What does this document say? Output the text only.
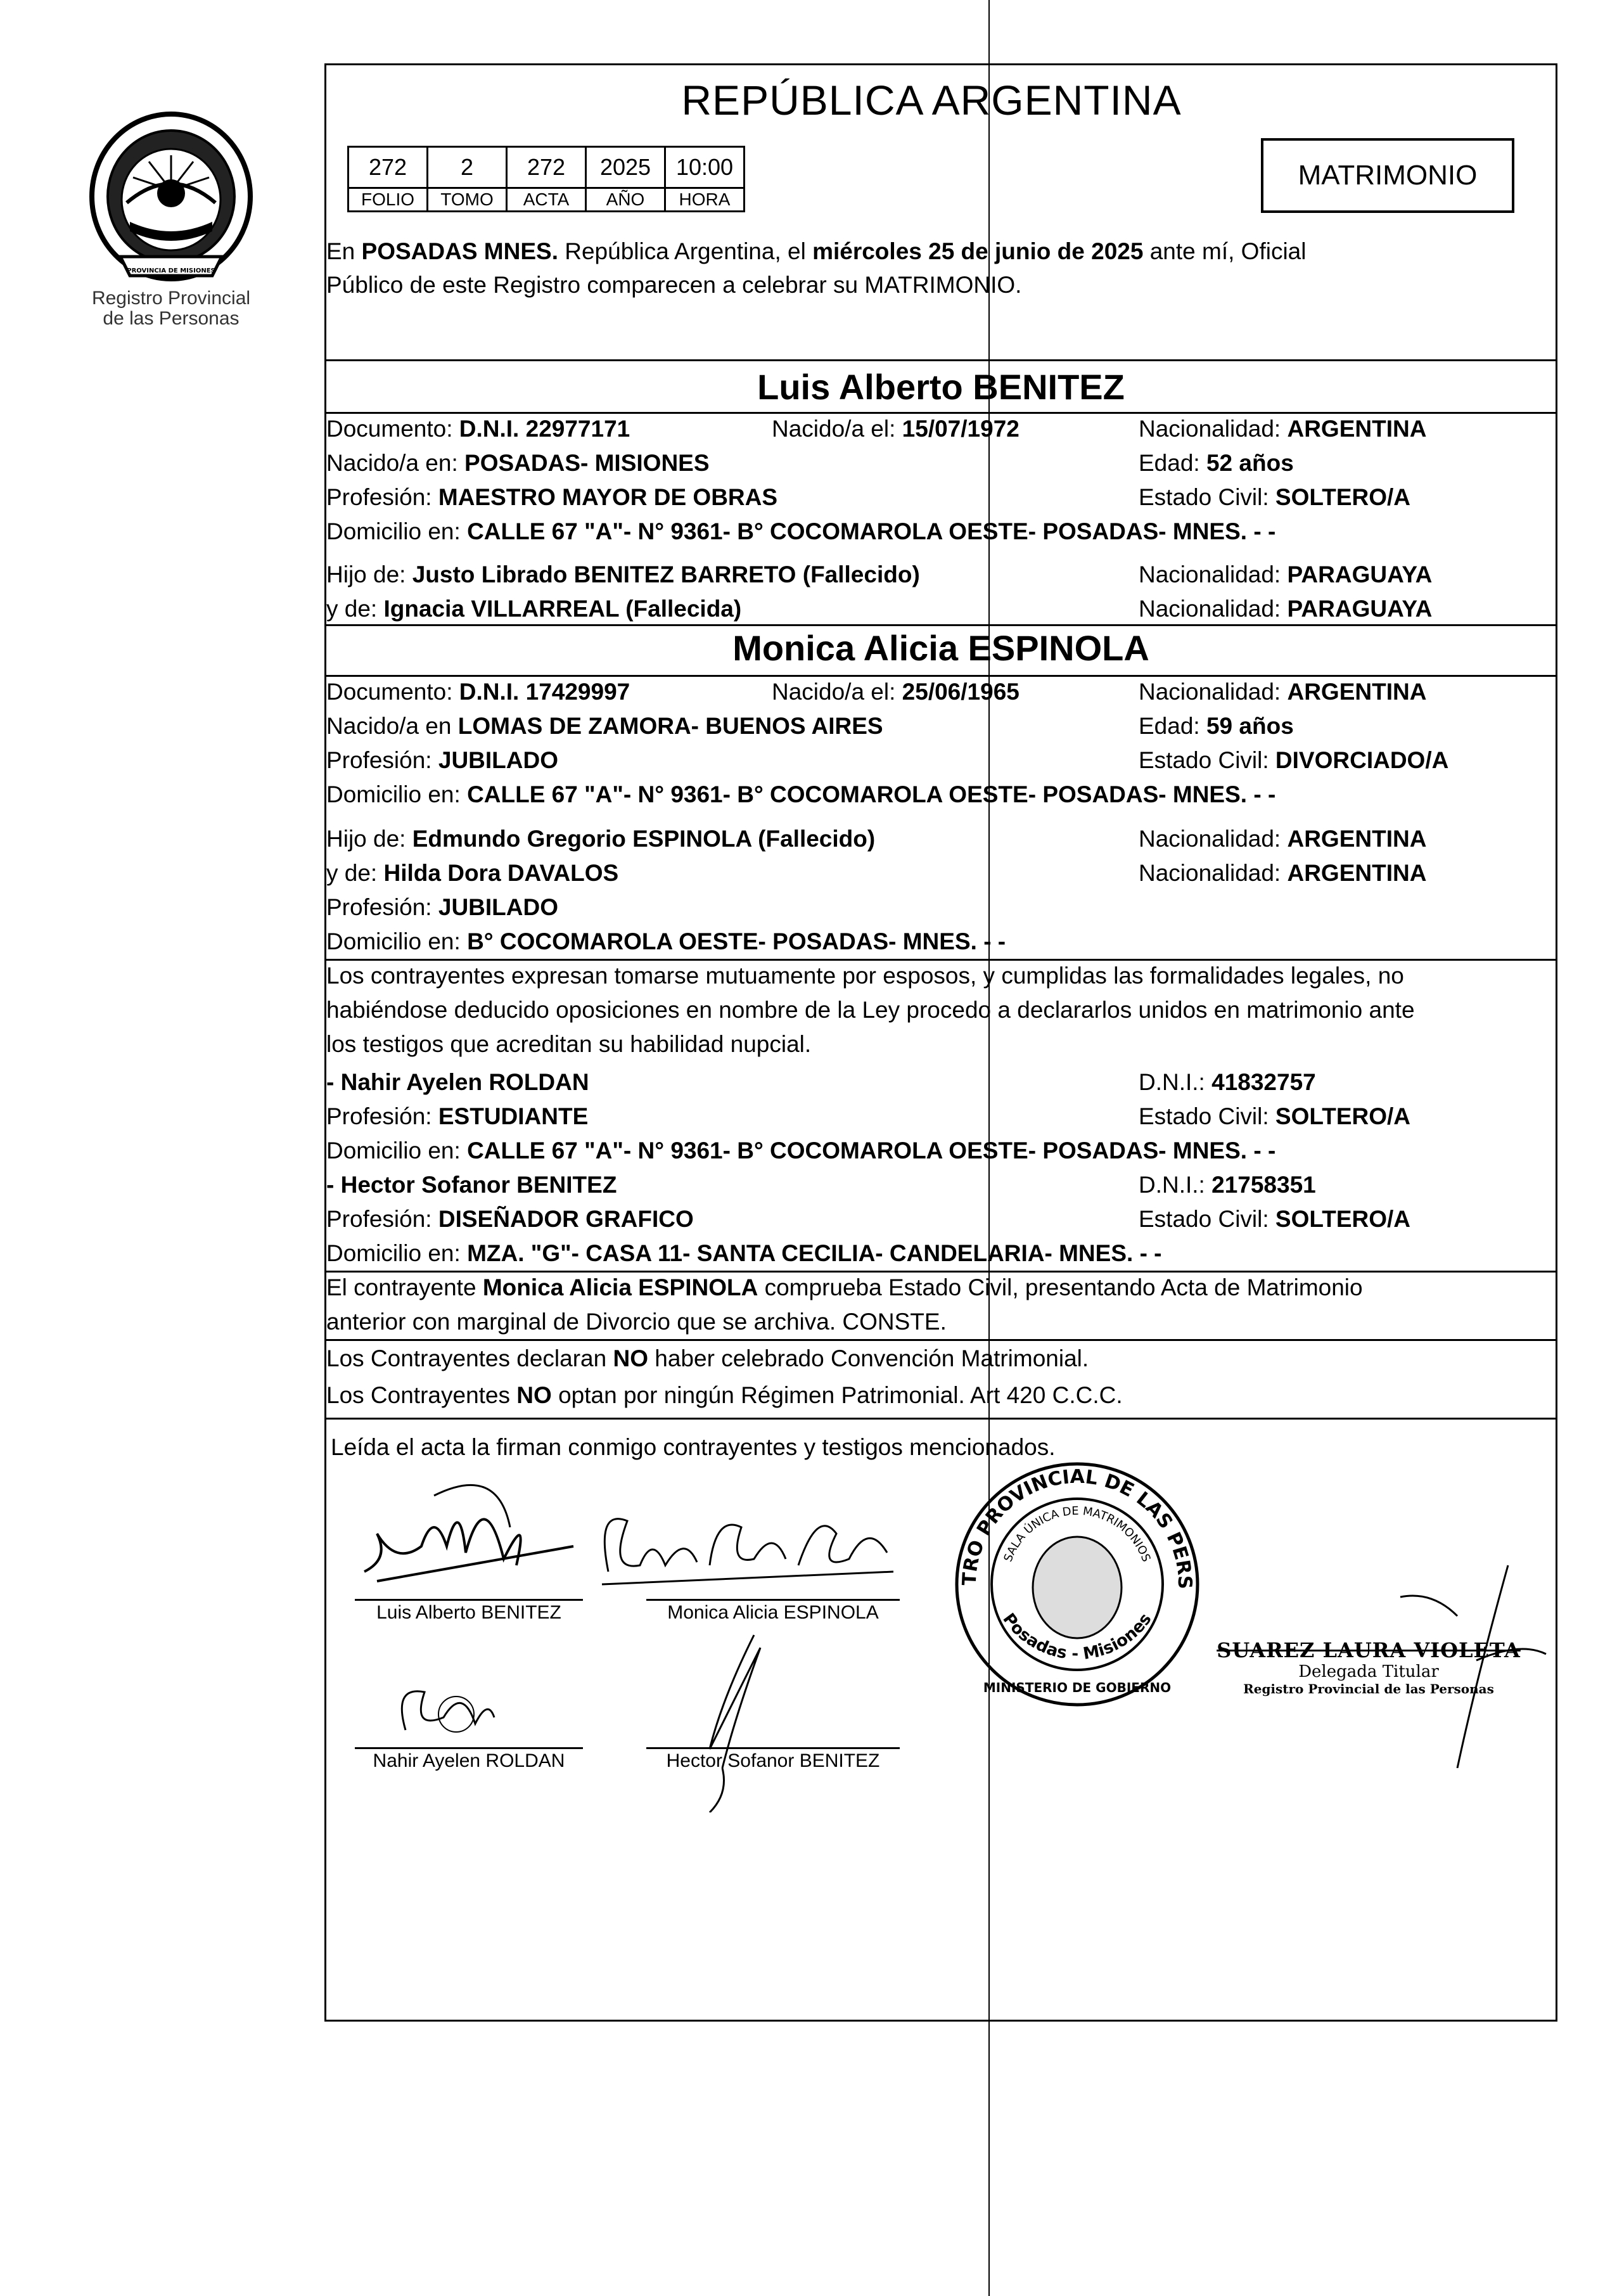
PROVINCIA DE MISIONES
Registro Provincial
de las Personas
REPÚBLICA ARGENTINA
272	2	272	2025	10:00
FOLIO	TOMO	ACTA	AÑO	HORA
MATRIMONIO
En POSADAS MNES. República Argentina, el miércoles 25 de junio de 2025 ante mí, Oficial
Público de este Registro comparecen a celebrar su MATRIMONIO.
Luis Alberto BENITEZ
Documento: D.N.I. 22977171	Nacido/a el: 15/07/1972	Nacionalidad: ARGENTINA
Nacido/a en: POSADAS- MISIONES	Edad: 52 años
Profesión: MAESTRO MAYOR DE OBRAS	Estado Civil: SOLTERO/A
Domicilio en: CALLE 67 "A"- N° 9361- B° COCOMAROLA OESTE- POSADAS- MNES. - -
Hijo de: Justo Librado BENITEZ BARRETO (Fallecido)	Nacionalidad: PARAGUAYA
y de: Ignacia VILLARREAL (Fallecida)	Nacionalidad: PARAGUAYA
Monica Alicia ESPINOLA
Documento: D.N.I. 17429997	Nacido/a el: 25/06/1965	Nacionalidad: ARGENTINA
Nacido/a en LOMAS DE ZAMORA- BUENOS AIRES	Edad: 59 años
Profesión: JUBILADO	Estado Civil: DIVORCIADO/A
Domicilio en: CALLE 67 "A"- N° 9361- B° COCOMAROLA OESTE- POSADAS- MNES. - -
Hijo de: Edmundo Gregorio ESPINOLA (Fallecido)	Nacionalidad: ARGENTINA
y de: Hilda Dora DAVALOS	Nacionalidad: ARGENTINA
Profesión: JUBILADO
Domicilio en: B° COCOMAROLA OESTE- POSADAS- MNES. - -
Los contrayentes expresan tomarse mutuamente por esposos, y cumplidas las formalidades legales, no
habiéndose deducido oposiciones en nombre de la Ley procedo a declararlos unidos en matrimonio ante
los testigos que acreditan su habilidad nupcial.
- Nahir Ayelen ROLDAN	D.N.I.: 41832757
Profesión: ESTUDIANTE	Estado Civil: SOLTERO/A
Domicilio en: CALLE 67 "A"- N° 9361- B° COCOMAROLA OESTE- POSADAS- MNES. - -
- Hector Sofanor BENITEZ	D.N.I.: 21758351
Profesión: DISEÑADOR GRAFICO	Estado Civil: SOLTERO/A
Domicilio en: MZA. "G"- CASA 11- SANTA CECILIA- CANDELARIA- MNES. - -
El contrayente Monica Alicia ESPINOLA comprueba Estado Civil, presentando Acta de Matrimonio
anterior con marginal de Divorcio que se archiva. CONSTE.
Los Contrayentes declaran NO haber celebrado Convención Matrimonial.
Los Contrayentes NO optan por ningún Régimen Patrimonial. Art 420 C.C.C.
Leída el acta la firman conmigo contrayentes y testigos mencionados.
Luis Alberto BENITEZ	Monica Alicia ESPINOLA
Nahir Ayelen ROLDAN	Hector Sofanor BENITEZ
TRO PROVINCIAL DE LAS PERS
SALA ÚNICA DE MATRIMONIOS
Posadas - Misiones
MINISTERIO DE GOBIERNO
SUAREZ LAURA VIOLETA
Delegada Titular
Registro Provincial de las Personas
